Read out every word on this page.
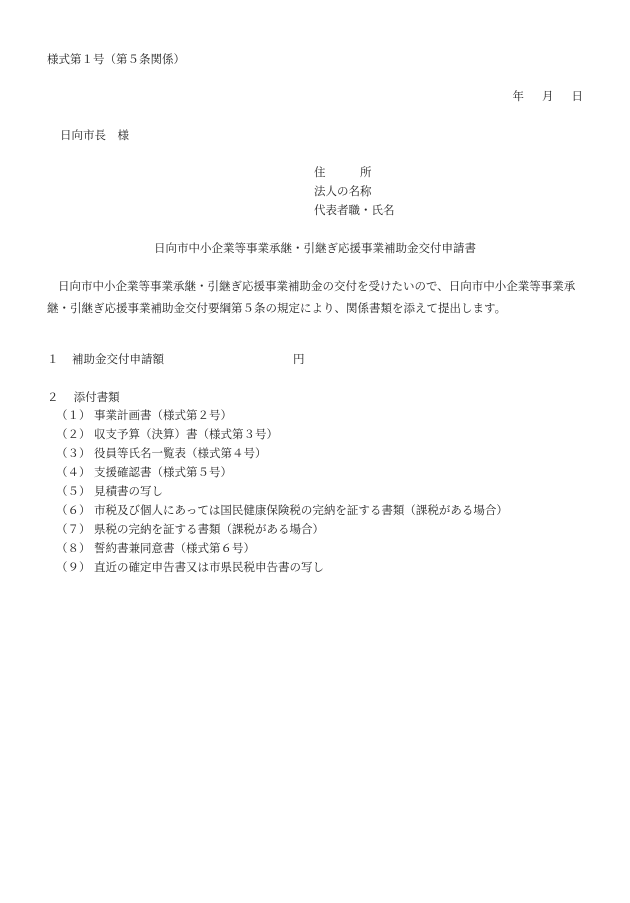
様式第１号（第５条関係）
年 月 日
日向市長　様
住　　　所
法人の名称
代表者職・氏名
日向市中小企業等事業承継・引継ぎ応援事業補助金交付申請書
日向市中小企業等事業承継・引継ぎ応援事業補助金の交付を受けたいので、日向市中小企業等事業承継・引継ぎ応援事業補助金交付要綱第５条の規定により、関係書類を添えて提出します。
１ 補助金交付申請額	円
２　 添付書類
（１） 事業計画書（様式第２号）
（２） 収支予算（決算）書（様式第３号）
（３） 役員等氏名一覧表（様式第４号）
（４） 支援確認書（様式第５号）
（５） 見積書の写し
（６） 市税及び個人にあっては国民健康保険税の完納を証する書類（課税がある場合）
（７） 県税の完納を証する書類（課税がある場合）
（８） 誓約書兼同意書（様式第６号）
（９） 直近の確定申告書又は市県民税申告書の写し
